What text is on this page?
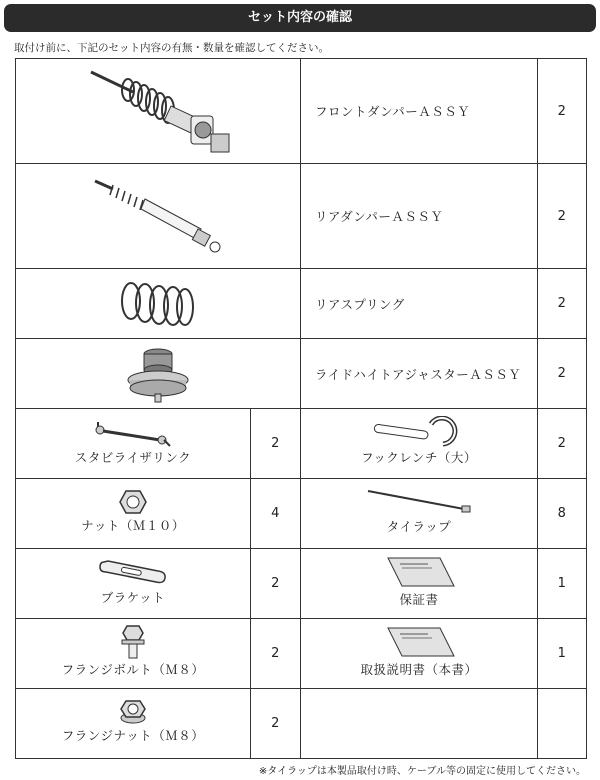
セット内容の確認
取付け前に、下記のセット内容の有無・数量を確認してください。
	フロントダンパーＡＳＳＹ	2

	リアダンパーＡＳＳＹ	2

	リアスプリング	2

	ライドハイトアジャスターＡＳＳＹ	2

スタビライザリンク	2	フックレンチ（大）	2

ナット（Ｍ１０）	4	タイラップ	8

ブラケット	2	保証書	1

フランジボルト（Ｍ８）	2	取扱説明書（本書）	1

フランジナット（Ｍ８）	2		
※タイラップは本製品取付け時、ケーブル等の固定に使用してください。
